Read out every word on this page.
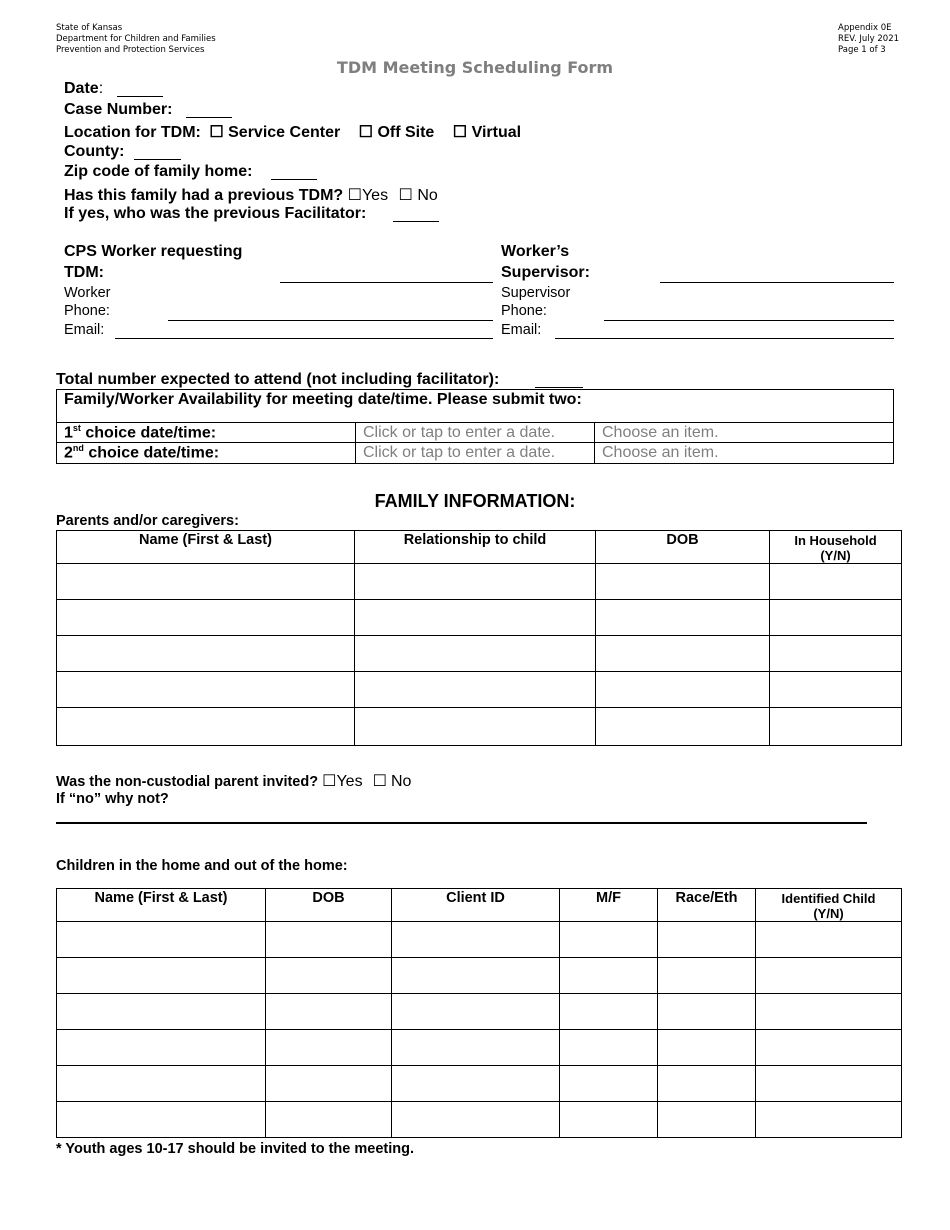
State of Kansas
Department for Children and Families
Prevention and Protection Services
Appendix 0E
REV. July 2021
Page 1 of 3
TDM Meeting Scheduling Form
Date:
Case Number:
Location for TDM: ☐ Service Center ☐ Off Site ☐ Virtual
County:
Zip code of family home:
Has this family had a previous TDM? ☐Yes ☐ No
If yes, who was the previous Facilitator:
CPS Worker requesting
TDM:
Worker
Phone:
Email:
Worker’s
Supervisor:
Supervisor
Phone:
Email:
Total number expected to attend (not including facilitator):
Family/Worker Availability for meeting date/time. Please submit two:		
1st choice date/time:	Click or tap to enter a date.	Choose an item.
2nd choice date/time:	Click or tap to enter a date.	Choose an item.
FAMILY INFORMATION:
Parents and/or caregivers:
Name (First & Last)	Relationship to child	DOB	In Household
(Y/N)

Was the non-custodial parent invited? ☐Yes ☐ No
If “no” why not?
Children in the home and out of the home:
Name (First & Last)	DOB	Client ID	M/F	Race/Eth	Identified Child
(Y/N)

* Youth ages 10-17 should be invited to the meeting.
